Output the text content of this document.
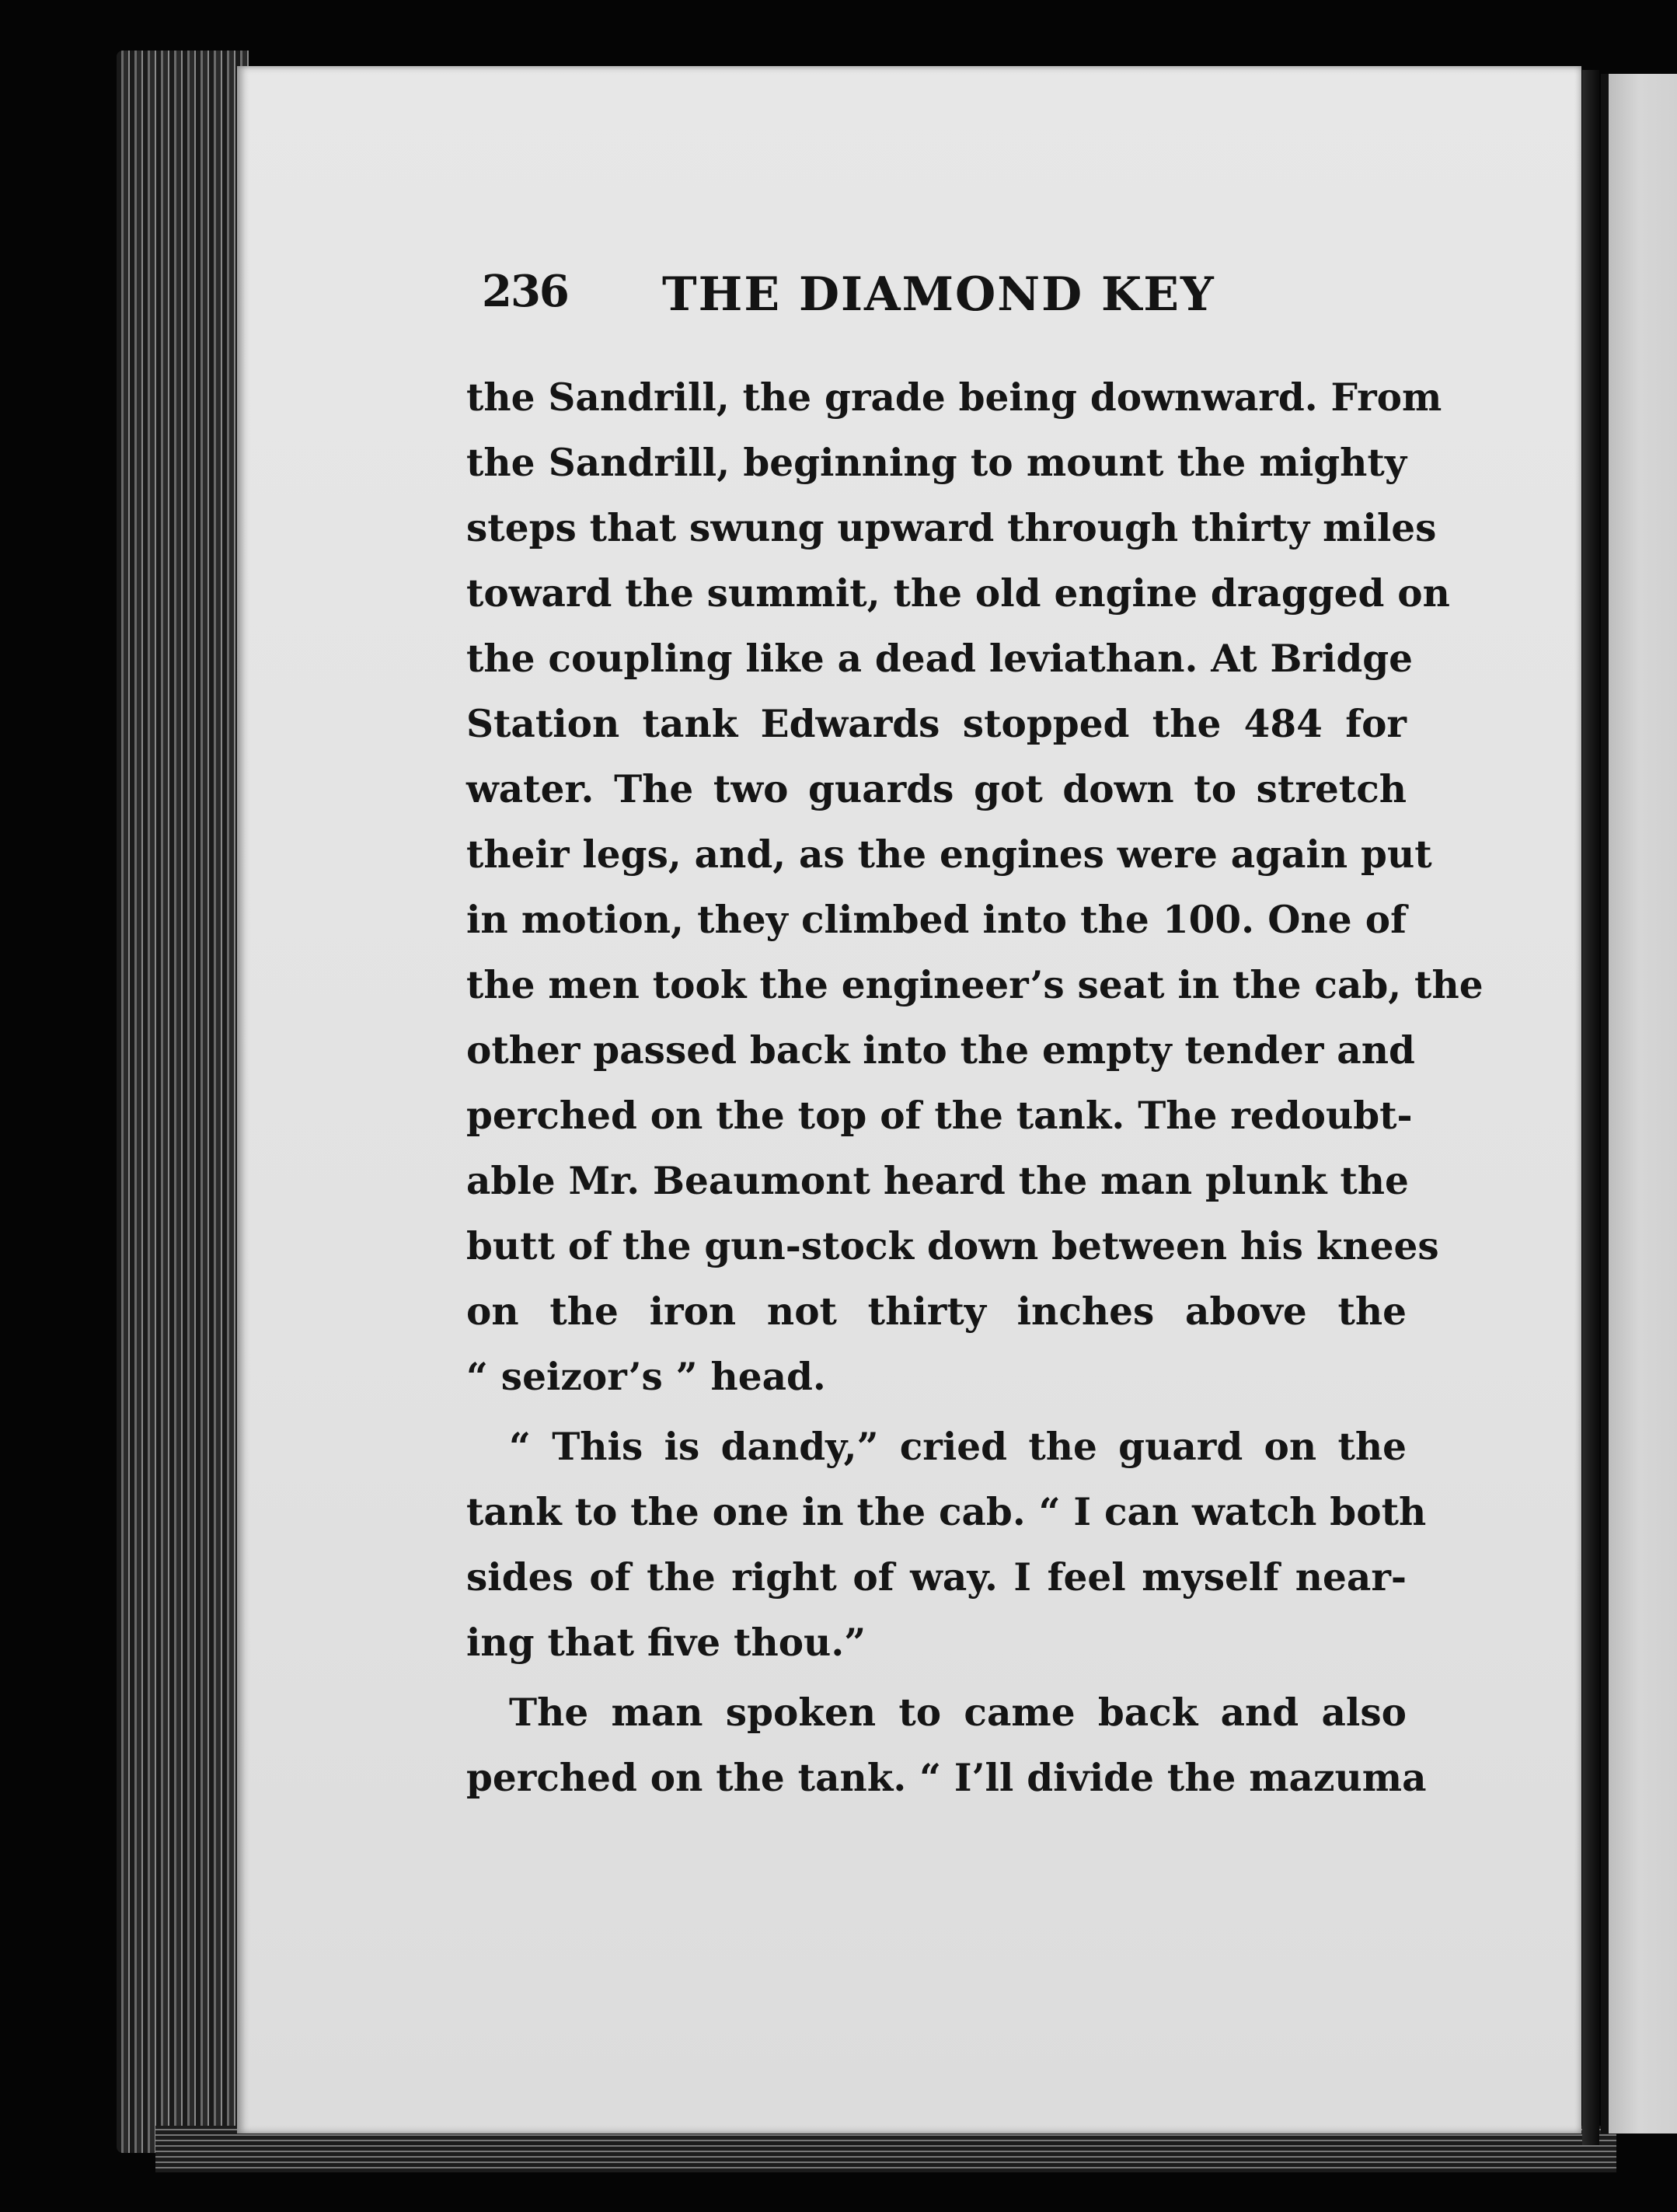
236 THE DIAMOND KEY
the Sandrill, the grade being downward. From
the Sandrill, beginning to mount the mighty
steps that swung upward through thirty miles
toward the summit, the old engine dragged on
the coupling like a dead leviathan. At Bridge
Station tank Edwards stopped the 484 for
water. The two guards got down to stretch
their legs, and, as the engines were again put
in motion, they climbed into the 100. One of
the men took the engineer’s seat in the cab, the
other passed back into the empty tender and
perched on the top of the tank. The redoubt-
able Mr. Beaumont heard the man plunk the
butt of the gun-stock down between his knees
on the iron not thirty inches above the
“ seizor’s ” head.
“ This is dandy,” cried the guard on the
tank to the one in the cab. “ I can watch both
sides of the right of way. I feel myself near-
ing that five thou.”
The man spoken to came back and also
perched on the tank. “ I’ll divide the mazuma
